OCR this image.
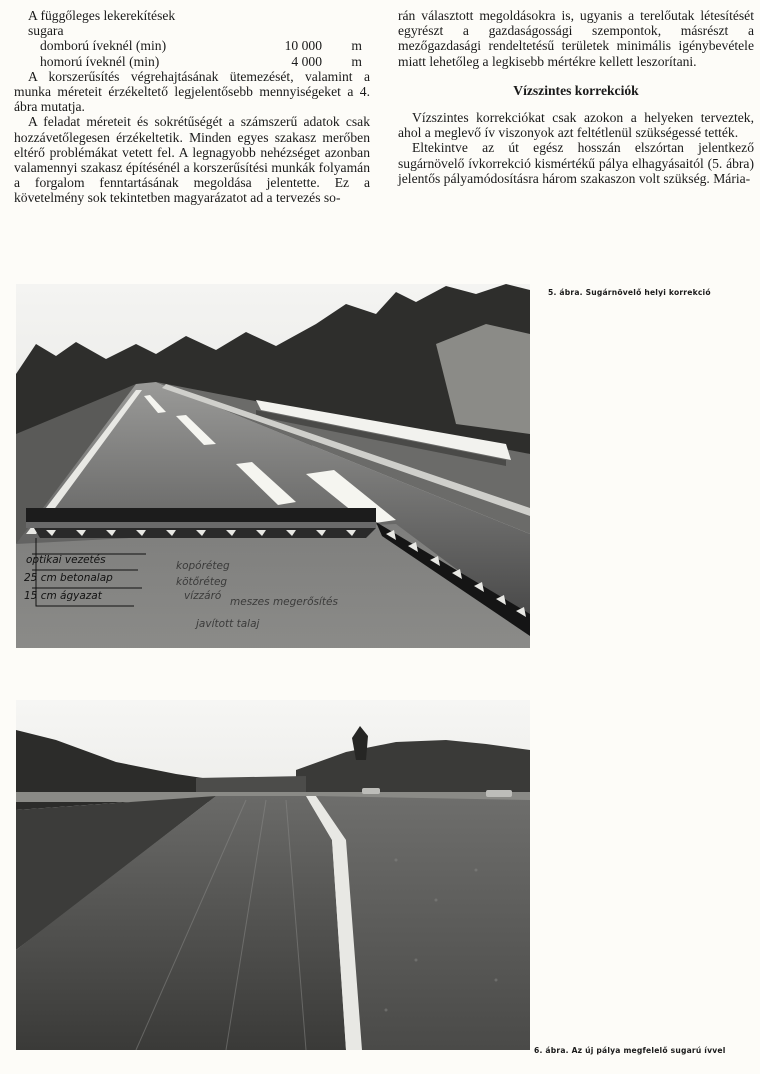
A függőleges lekerekítések

sugara

domború íveknél (min)	10 000	m
homorú íveknél (min)	4 000	m

A korszerűsítés végrehajtásának ütemezését, valamint a munka méreteit érzékeltető legjelentősebb mennyiségeket a 4. ábra mutatja.

A feladat méreteit és sokrétűségét a számszerű adatok csak hozzávetőlegesen érzékeltetik. Minden egyes szakasz merőben eltérő problémákat vetett fel. A legnagyobb nehézséget azonban valamennyi szakasz építésénél a korszerűsítési munkák folyamán a forgalom fenntartásának megoldása jelentette. Ez a követelmény sok tekintetben magyarázatot ad a tervezés so-

rán választott megoldásokra is, ugyanis a terelőutak létesítését egyrészt a gazdaságossági szempontok, másrészt a mezőgazdasági rendeltetésű területek minimális igénybevétele miatt lehetőleg a legkisebb mértékre kellett leszorítani.

Vízszintes korrekciók

Vízszintes korrekciókat csak azokon a helyeken terveztek, ahol a meglevő ív viszonyok azt feltétlenül szükségessé tették.

Eltekintve az út egész hosszán elszórtan jelentkező sugárnövelő ívkorrekció kismértékű pálya elhagyásaitól (5. ábra) jelentős pályamódosításra három szakaszon volt szükség. Mária-

optikai vezetés
25 cm betonalap
15 cm ágyazat
kopóréteg
kötőréteg
vízzáró meszes megerősítés
javított talaj
5. ábra. Sugárnövelő helyi korrekció
6. ábra. Az új pálya megfelelő sugarú ívvel
